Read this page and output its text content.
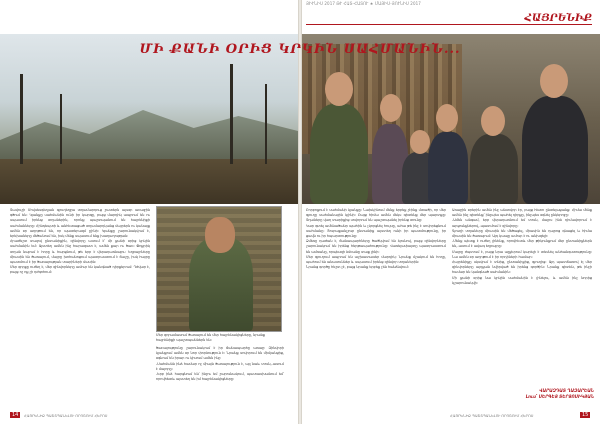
ՅԻՒՆԻՍ 2017 ԹՒ ՀԱՏ-ՀԱՏՈՒ ★ ՄԱՅԻՍ-ՅՈՒՆԻՍ 2017
ՀԱՅՐԵՆԻՔ
ՄԻ ՔԱՆԻ ՕՐԻՑ ԿՐԿԻՆ ՍԱՀՄԱՆԻՆ...
Տավուշի Մովսեսգեղյան գյուղեղջա տղամարդուց շատերն այսօր առաջին գծում են: Կյանքը սահմանին ունի իր կարգը, բայց մարդիկ ապրում են ու սպասում իրենց տղաներին, որոնք պաշտպանում են հայրենիքի սահմանները: Հինդեպտի և անհետացած տղամարդկանց մայրերն ու կանայք ամեն օր աղոթում են, որ պատերազմ չլինի: Կյանքը շարունակվում է, երեխաները մեծանում են, իսկ մենք սպասում ենք խաղաղության:
Հրաժեշտ տալով ընտանիքին, զինվորը ասում է՝ մի քանի օրից կրկին սահմանին եմ: Այստեղ ամեն ինչ հարազատ է, ամեն քար ու ծառ: Փոքրիկ տղան նայում է հորը և հարցնում, թե երբ է վերադառնալու: Եղբայրները միասին են ծառայում, մայրը խոհանոցում պատրաստում է ճաշը, իսկ հայրը պատմում է իր ծառայության տարիների մասին:
Մեր զորքը ուժեղ է, մեր զինվորները ամուր են կանգնած դիրքերում: Դժվար է, բայց ոչ ոք չի դժգոհում:
Մեր զորամասում ծառայում են մեր հայրենակիցները, նրանք հայրենիքի պաշտպաններն են:
ծառայությունը շարունակում է իր ճանապարհը առաջ: Զինվորի կյանքում ամեն օր նոր փորձություն է: Նրանք սովորում են միմյանցից, օգնում են իրար ու կիսում ամեն ինչ:
-Սահմանն ինձ համար ոչ միայն ծառայություն է, այլ նաև տուն,-ասում է մայորը:
-Երբ ինձ հարցնում են՝ ինչու եմ շարունակում, պատասխանում եմ՝ որովհետև այստեղ են իմ հայրենակիցները:
Բորբոքում է սահմանի կյանքը: Նախկինում մենք երբեք չէինք մտածի, որ մեր գյուղը սահմանային կլինի: Բայց հիմա ամեն մեկս գիտենք մեր պարտքը: Տղաները վաղ տարիքից սովորում են պաշտպանել իրենց տունը:
Կար գտել ամենածանր պահին և չկորցնել հույսը, ահա թե ինչ է սովորեցնում սահմանը: Յուրաքանչյուր ընտանիք այստեղ ունի իր պատմությունը, իր ցավն ու իր հպարտությունը:
Ձմեռը դաժան է, ճանապարհները ծածկվում են ձյունով, բայց զինվորները շարունակում են իրենց հերթապահությունը: Վառելափայտը պատրաստում են ամռանը, որպեսզի ձմռանը տաք լինի:
Մեր գյուղում ապրում են աշխատասեր մարդիկ: Նրանք մշակում են հողը, պահում են անասուններ և սպասում իրենց զինվոր տղաներին:
Նրանց գործը հեշտ չէ, բայց նրանք երբեք չեն հանձնվում:
Առաջին օրերին ամեն ինչ անսովոր էր, բայց հետո ընտելացանք: Հիմա մենք ամեն ինչ գիտենք՝ ինչպես պահել դիրքը, ինչպես օգնել ընկերոջը:
-Ամեն անգամ, երբ վերադառնում եմ տուն, մայրս ինձ դիմավորում է արցունքներով,-պատմում է զինվորը:
Գյուղի տղաները միասին են մեծացել, միասին են դպրոց գնացել և հիմա միասին են ծառայում: Այդ կապը ամուր է ու անխզելի:
-Մենք պետք է ուժեղ լինենք, որովհետև մեր թիկունքում մեր ընտանիքներն են,-ասում է ավագ եղբայրը:
Մայրը ժպտում է, բայց նրա աչքերում կարելի է տեսնել անհանգստությունը: Նա ամեն օր աղոթում է իր որդիների համար:
Հայրենիքը սկսվում է տնից, ընտանիքից, գյուղից: Այդ պատճառով էլ մեր զինվորները այդքան նվիրված են իրենց գործին: Նրանք գիտեն, թե ինչի համար են կանգնած սահմանին:
Մի քանի օրից նա կրկին սահմանին է լինելու, և ամեն ինչ նորից կշարունակվի:
ՎԱՐԱԶԴԱՏ ՂԱԶԱՐԵԱՆ
Լուս՝ ՍԵՐԳԵՅ ՏԵՐՅՈՍԻԿՅԱՆ
14	ՀԱՅՐԵՆԻՔ ՊԱՇՏՊԱՆԵԼՈՒ ՈՐՈՇՈՒՄ ՀԵՐՈՍ	ՀԱՅՐԵՆԻՔ ՊԱՇՏՊԱՆԵԼՈՒ ՈՐՈՇՈՒՄ ՀԵՐՈՍ	15
